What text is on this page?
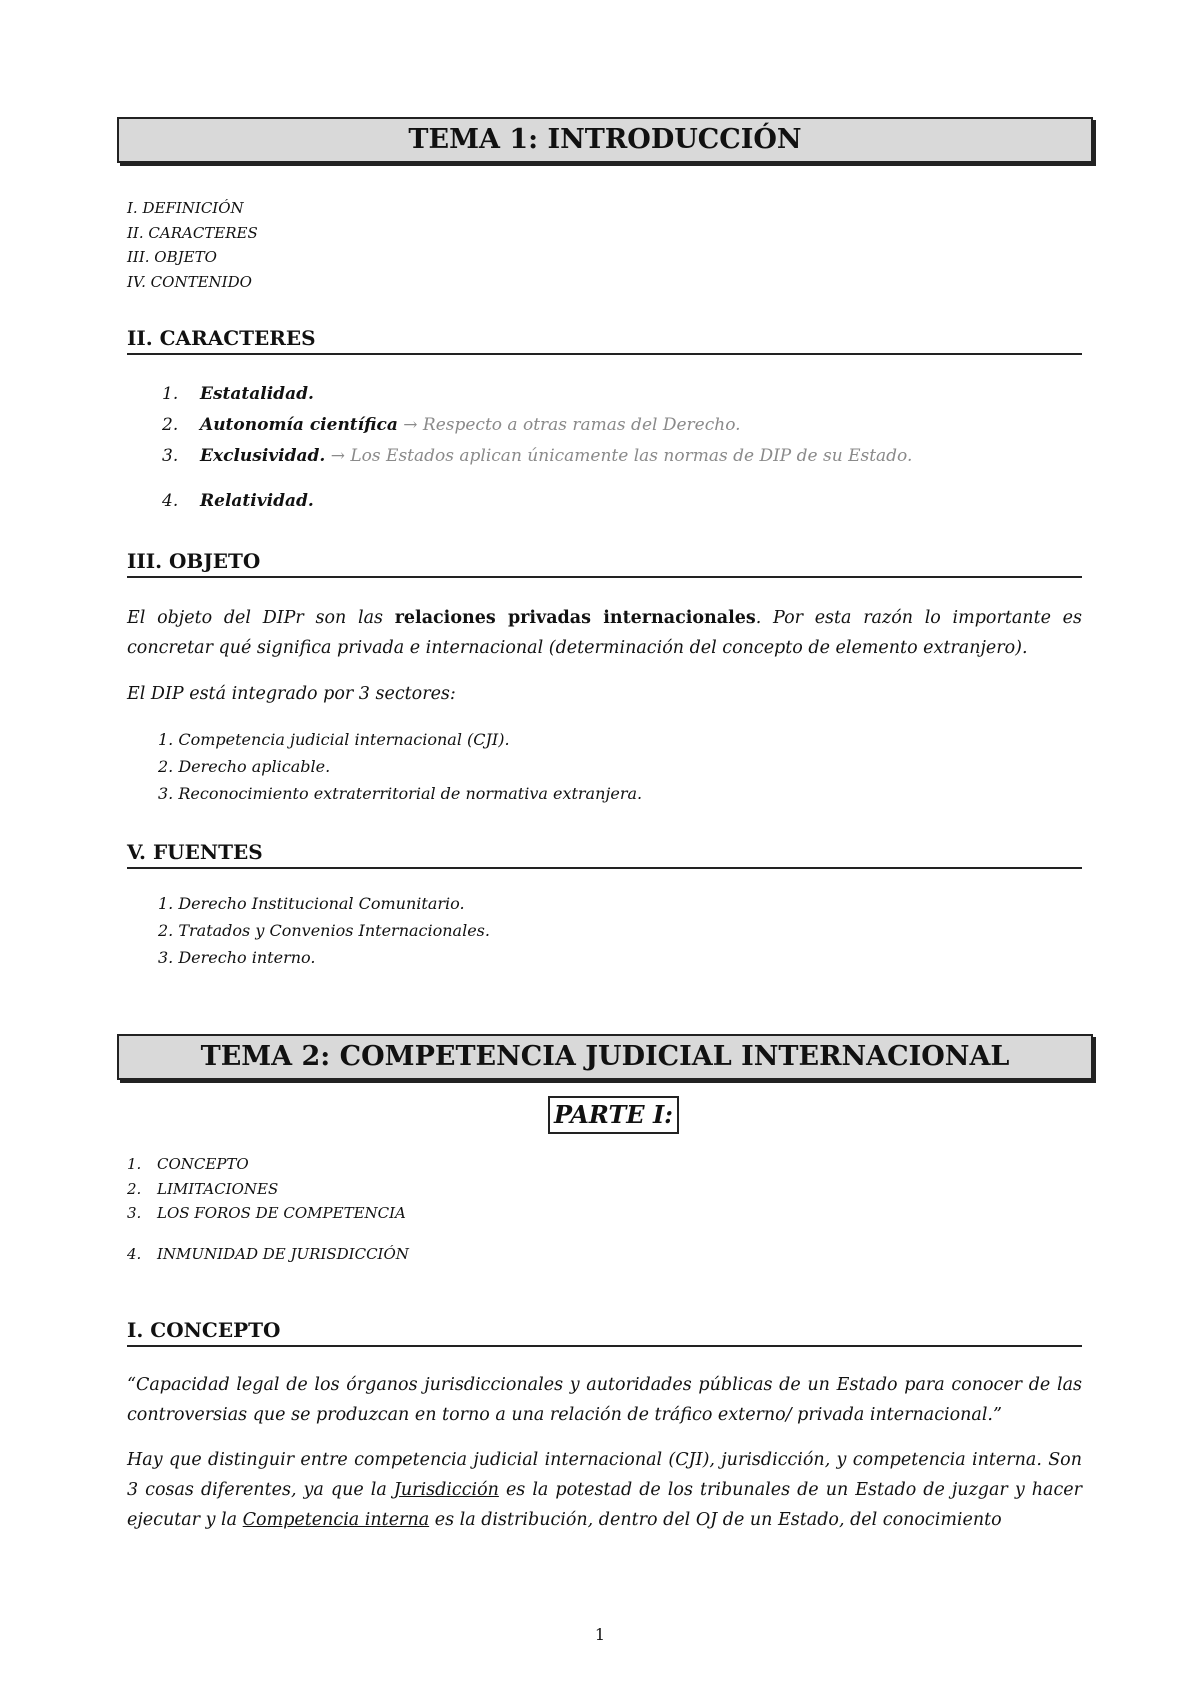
TEMA 1: INTRODUCCIÓN
I. DEFINICIÓN
II. CARACTERES
III. OBJETO
IV. CONTENIDO
II. CARACTERES
1. Estatalidad.
2. Autonomía científica → Respecto a otras ramas del Derecho.
3. Exclusividad. → Los Estados aplican únicamente las normas de DIP de su Estado.
4. Relatividad.
III. OBJETO
El objeto del DIPr son las relaciones privadas internacionales. Por esta razón lo importante es concretar qué significa privada e internacional (determinación del concepto de elemento extranjero).
El DIP está integrado por 3 sectores:
1. Competencia judicial internacional (CJI).
2. Derecho aplicable.
3. Reconocimiento extraterritorial de normativa extranjera.
V. FUENTES
1. Derecho Institucional Comunitario.
2. Tratados y Convenios Internacionales.
3. Derecho interno.
TEMA 2: COMPETENCIA JUDICIAL INTERNACIONAL
PARTE I:
1. CONCEPTO
2. LIMITACIONES
3. LOS FOROS DE COMPETENCIA
4. INMUNIDAD DE JURISDICCIÓN
I. CONCEPTO
“Capacidad legal de los órganos jurisdiccionales y autoridades públicas de un Estado para conocer de las controversias que se produzcan en torno a una relación de tráfico externo/ privada internacional.”
Hay que distinguir entre competencia judicial internacional (CJI), jurisdicción, y competencia interna. Son 3 cosas diferentes, ya que la Jurisdicción es la potestad de los tribunales de un Estado de juzgar y hacer ejecutar y la Competencia interna es la distribución, dentro del OJ de un Estado, del conocimiento
1
